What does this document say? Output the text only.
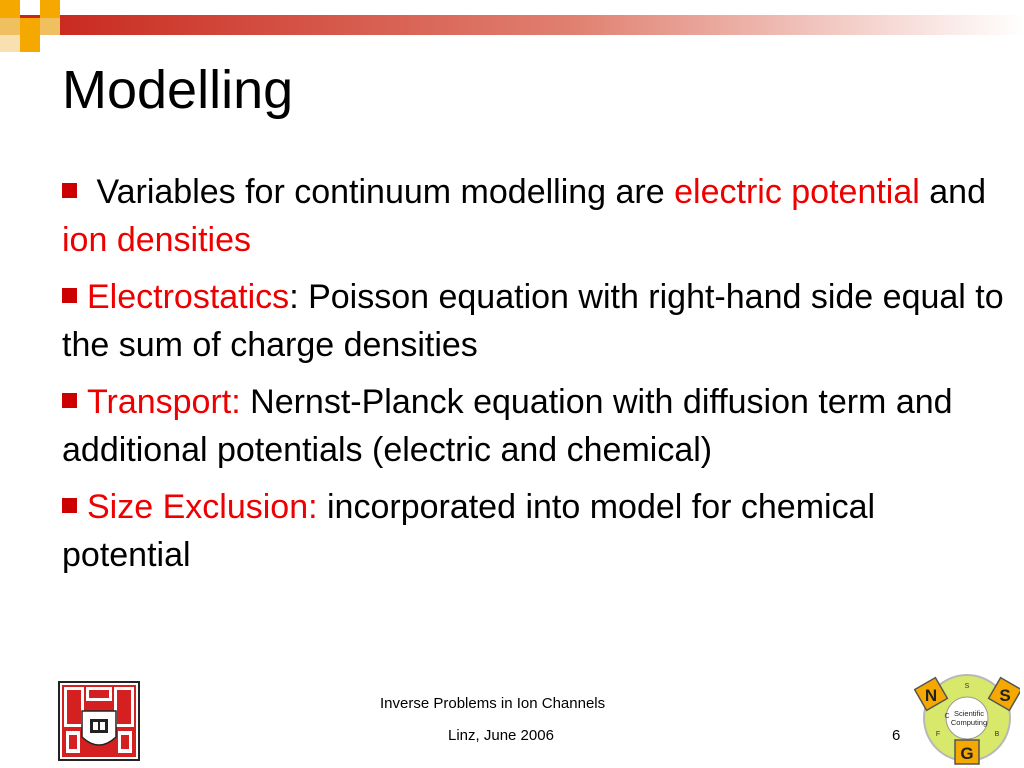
Modelling

Variables for continuum modelling are electric potential and ion densities

Electrostatics: Poisson equation with right-hand side equal to the sum of charge densities

Transport: Nernst-Planck equation with diffusion term and additional potentials (electric and chemical)

Size Exclusion: incorporated into model for chemical potential

Inverse Problems in Ion Channels
Linz, June 2006	6
N	S
G
S
B
F
C Scientific
Computing
